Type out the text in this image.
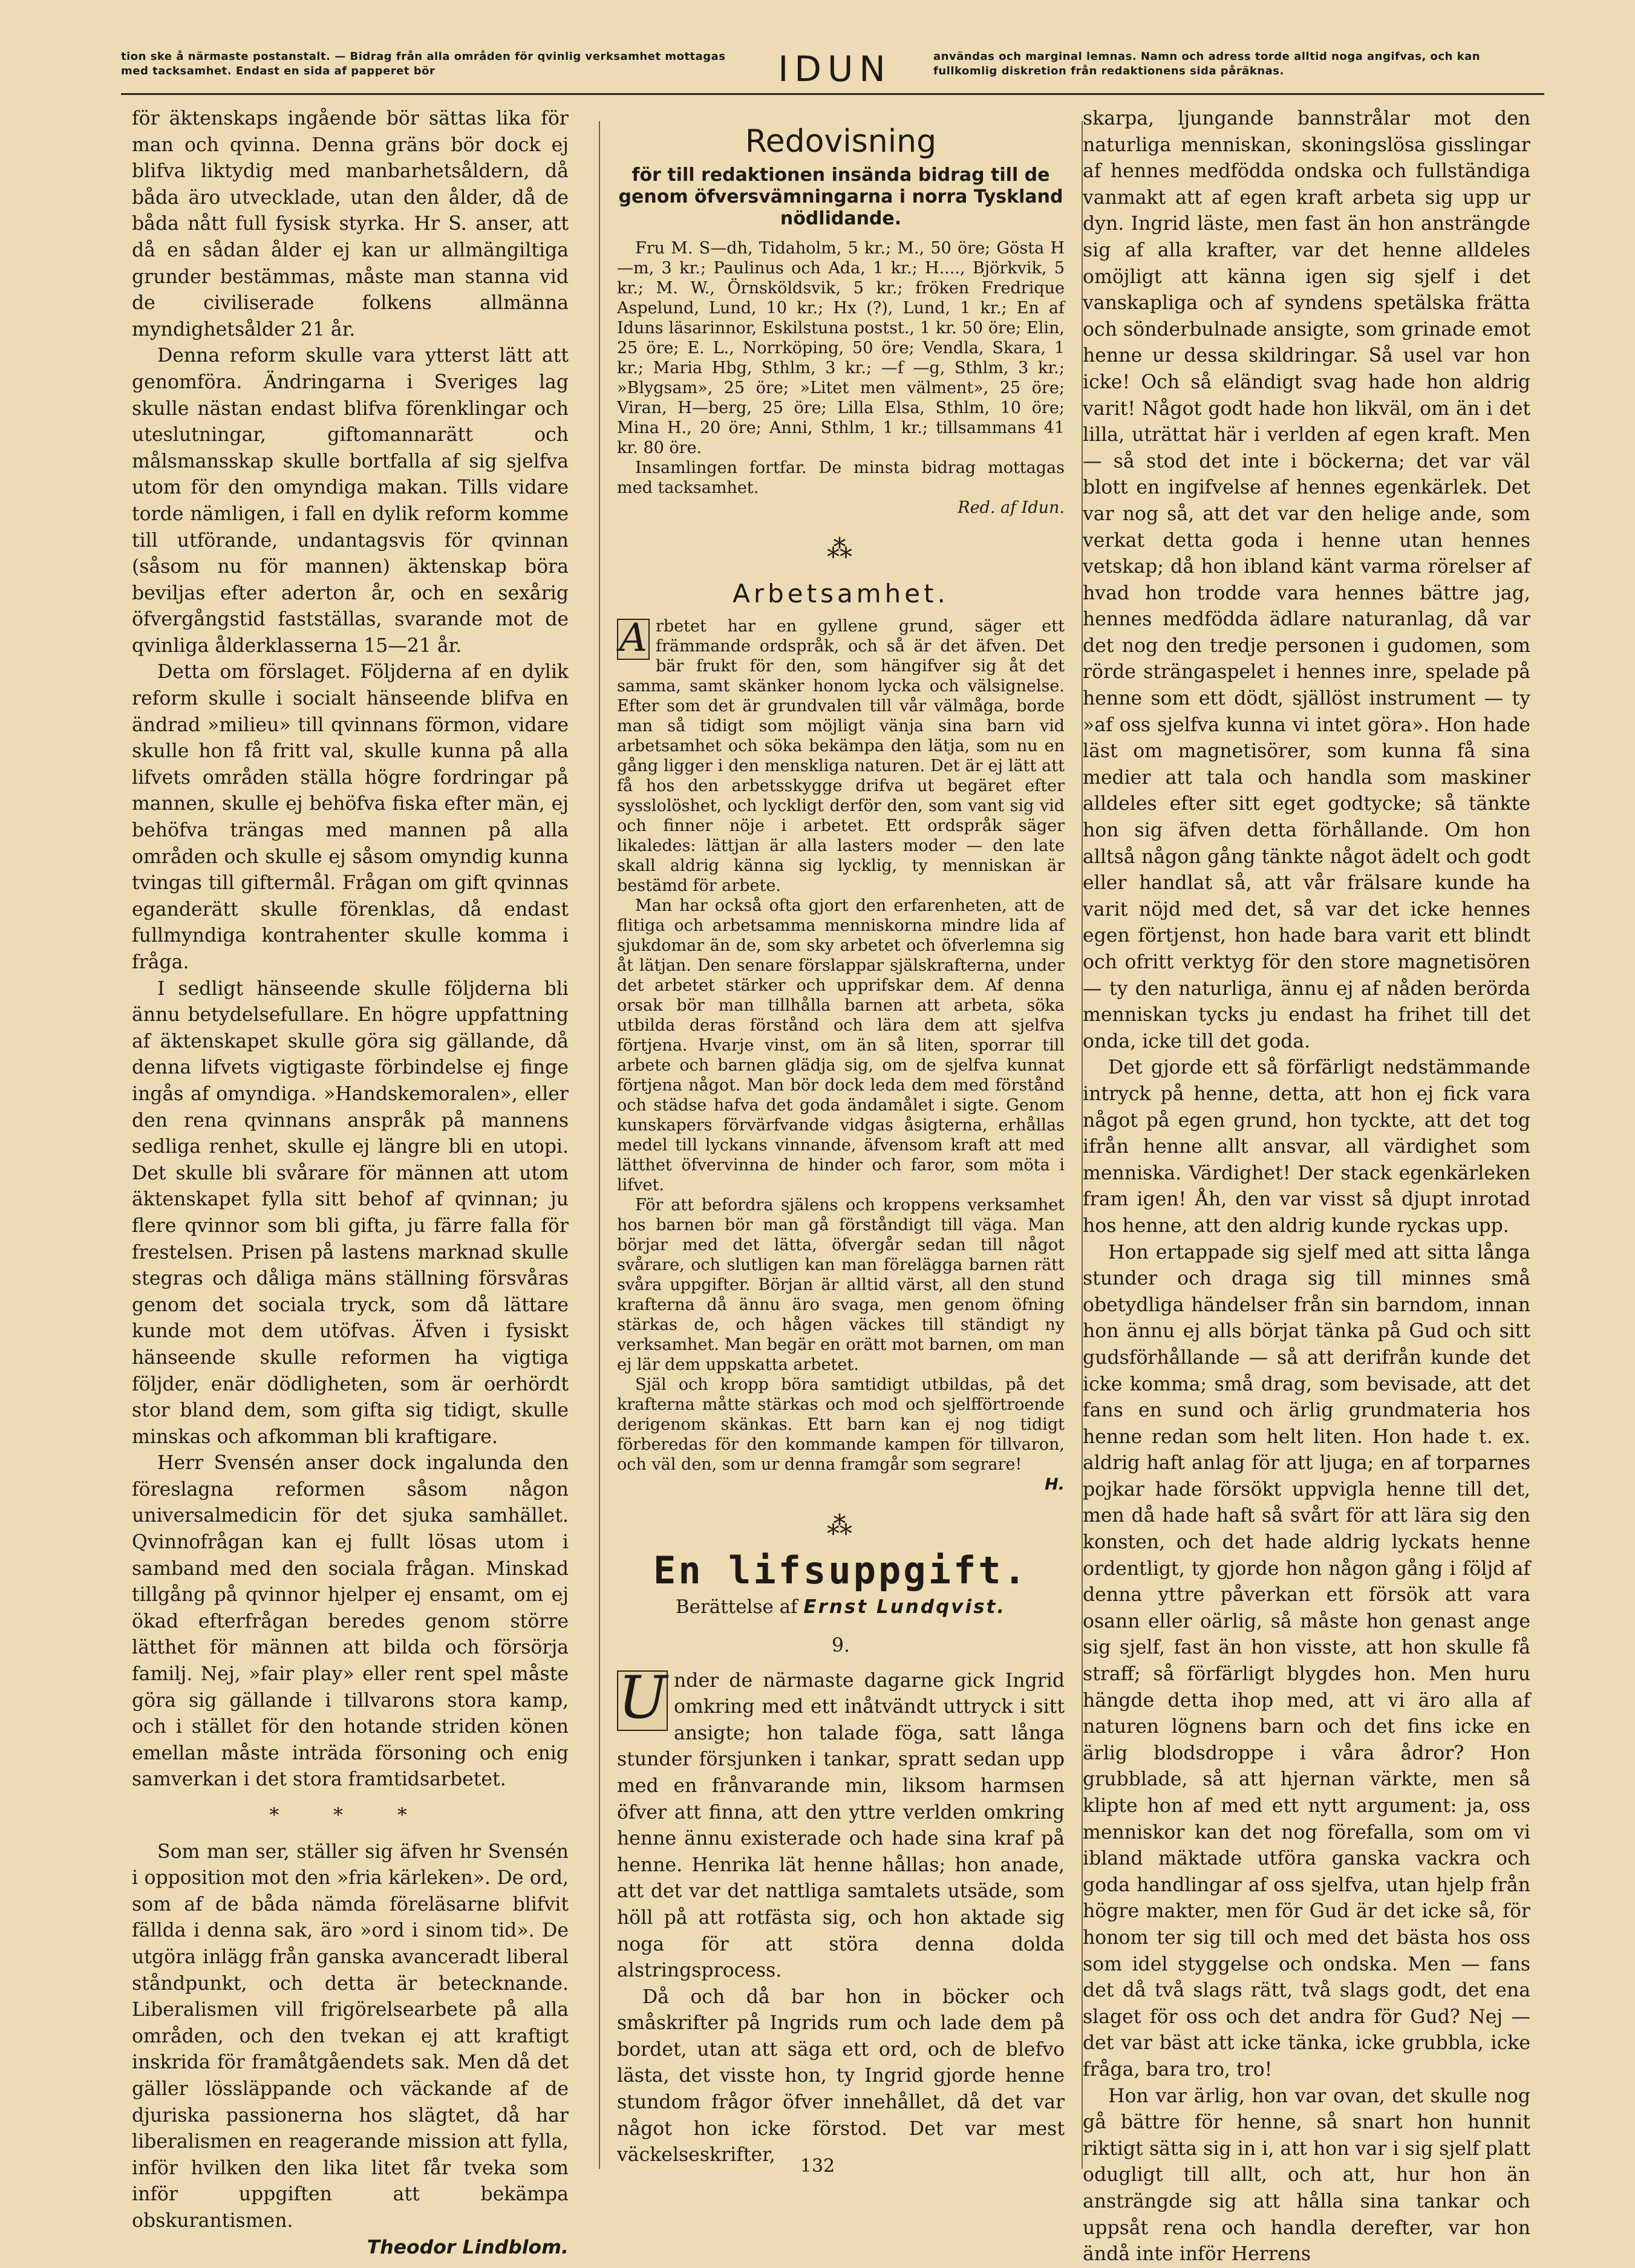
tion ske å närmaste postanstalt. — Bidrag från alla områden för qvinlig verksamhet mottagas med tacksamhet. Endast en sida af papperet bör	IDUN	användas och marginal lemnas. Namn och adress torde alltid noga angifvas, och kan fullkomlig diskretion från redaktionens sida påräknas.

för äktenskaps ingående bör sättas lika för man och qvinna. Denna gräns bör dock ej blifva liktydig med manbarhetsåldern, då båda äro utvecklade, utan den ålder, då de båda nått full fysisk styrka. Hr S. anser, att då en sådan ålder ej kan ur allmängiltiga grunder bestämmas, måste man stanna vid de civiliserade folkens allmänna myndighetsålder 21 år.

Denna reform skulle vara ytterst lätt att genomföra. Ändringarna i Sveriges lag skulle nästan endast blifva förenklingar och uteslutningar, giftomannarätt och målsmansskap skulle bortfalla af sig sjelfva utom för den omyndiga makan. Tills vidare torde nämligen, i fall en dylik reform komme till utförande, undantagsvis för qvinnan (såsom nu för mannen) äktenskap böra beviljas efter aderton år, och en sexårig öfvergångstid fastställas, svarande mot de qvinliga ålderklasserna 15—21 år.

Detta om förslaget. Följderna af en dylik reform skulle i socialt hänseende blifva en ändrad »milieu» till qvinnans förmon, vidare skulle hon få fritt val, skulle kunna på alla lifvets områden ställa högre fordringar på mannen, skulle ej behöfva fiska efter män, ej behöfva trängas med mannen på alla områden och skulle ej såsom omyndig kunna tvingas till giftermål. Frågan om gift qvinnas eganderätt skulle förenklas, då endast fullmyndiga kontrahenter skulle komma i fråga.

I sedligt hänseende skulle följderna bli ännu betydelsefullare. En högre uppfattning af äktenskapet skulle göra sig gällande, då denna lifvets vigtigaste förbindelse ej finge ingås af omyndiga. »Handskemoralen», eller den rena qvinnans anspråk på mannens sedliga renhet, skulle ej längre bli en utopi. Det skulle bli svårare för männen att utom äktenskapet fylla sitt behof af qvinnan; ju flere qvinnor som bli gifta, ju färre falla för frestelsen. Prisen på lastens marknad skulle stegras och dåliga mäns ställning försvåras genom det sociala tryck, som då lättare kunde mot dem utöfvas. Äfven i fysiskt hänseende skulle reformen ha vigtiga följder, enär dödligheten, som är oerhördt stor bland dem, som gifta sig tidigt, skulle minskas och afkomman bli kraftigare.

Herr Svensén anser dock ingalunda den föreslagna reformen såsom någon universalmedicin för det sjuka samhället. Qvinnofrågan kan ej fullt lösas utom i samband med den sociala frågan. Minskad tillgång på qvinnor hjelper ej ensamt, om ej ökad efterfrågan beredes genom större lätthet för männen att bilda och försörja familj. Nej, »fair play» eller rent spel måste göra sig gällande i tillvarons stora kamp, och i stället för den hotande striden könen emellan måste inträda försoning och enig samverkan i det stora framtidsarbetet.

* * *

Som man ser, ställer sig äfven hr Svensén i opposition mot den »fria kärleken». De ord, som af de båda nämda föreläsarne blifvit fällda i denna sak, äro »ord i sinom tid». De utgöra inlägg från ganska avanceradt liberal ståndpunkt, och detta är betecknande. Liberalismen vill frigörelsearbete på alla områden, och den tvekan ej att kraftigt inskrida för framåtgåendets sak. Men då det gäller lössläppande och väckande af de djuriska passionerna hos slägtet, då har liberalismen en reagerande mission att fylla, inför hvilken den lika litet får tveka som inför uppgiften att bekämpa obskurantismen.

Theodor Lindblom.
Redovisning
för till redaktionen insända bidrag till de genom öfversvämningarna i norra Tyskland nödlidande.

Fru M. S—dh, Tidaholm, 5 kr.; M., 50 öre; Gösta H—m, 3 kr.; Paulinus och Ada, 1 kr.; H...., Björkvik, 5 kr.; M. W., Örnsköldsvik, 5 kr.; fröken Fredrique Aspelund, Lund, 10 kr.; Hx (?), Lund, 1 kr.; En af Iduns läsarinnor, Eskilstuna postst., 1 kr. 50 öre; Elin, 25 öre; E. L., Norrköping, 50 öre; Vendla, Skara, 1 kr.; Maria Hbg, Sthlm, 3 kr.; —f —g, Sthlm, 3 kr.; »Blygsam», 25 öre; »Litet men välment», 25 öre; Viran, H—berg, 25 öre; Lilla Elsa, Sthlm, 10 öre; Mina H., 20 öre; Anni, Sthlm, 1 kr.; tillsammans 41 kr. 80 öre.

Insamlingen fortfar. De minsta bidrag mottagas med tacksamhet.

Red. af Idun.
⁂
Arbetsamhet.

A rbetet har en gyllene grund, säger ett främmande ordspråk, och så är det äfven. Det bär frukt för den, som hängifver sig åt det samma, samt skänker honom lycka och välsignelse. Efter som det är grundvalen till vår välmåga, borde man så tidigt som möjligt vänja sina barn vid arbetsamhet och söka bekämpa den lätja, som nu en gång ligger i den menskliga naturen. Det är ej lätt att få hos den arbetsskygge drifva ut begäret efter sysslolöshet, och lyckligt derför den, som vant sig vid och finner nöje i arbetet. Ett ordspråk säger likaledes: lättjan är alla lasters moder — den late skall aldrig känna sig lycklig, ty menniskan är bestämd för arbete.

Man har också ofta gjort den erfarenheten, att de flitiga och arbetsamma menniskorna mindre lida af sjukdomar än de, som sky arbetet och öfverlemna sig åt lätjan. Den senare förslappar själskrafterna, under det arbetet stärker och upprifskar dem. Af denna orsak bör man tillhålla barnen att arbeta, söka utbilda deras förstånd och lära dem att sjelfva förtjena. Hvarje vinst, om än så liten, sporrar till arbete och barnen glädja sig, om de sjelfva kunnat förtjena något. Man bör dock leda dem med förstånd och städse hafva det goda ändamålet i sigte. Genom kunskapers förvärfvande vidgas åsigterna, erhållas medel till lyckans vinnande, äfvensom kraft att med lätthet öfvervinna de hinder och faror, som möta i lifvet.

För att befordra själens och kroppens verksamhet hos barnen bör man gå förståndigt till väga. Man börjar med det lätta, öfvergår sedan till något svårare, och slutligen kan man förelägga barnen rätt svåra uppgifter. Början är alltid värst, all den stund krafterna då ännu äro svaga, men genom öfning stärkas de, och hågen väckes till ständigt ny verksamhet. Man begär en orätt mot barnen, om man ej lär dem uppskatta arbetet.

Själ och kropp böra samtidigt utbildas, på det krafterna måtte stärkas och mod och sjelfförtroende derigenom skänkas. Ett barn kan ej nog tidigt förberedas för den kommande kampen för tillvaron, och väl den, som ur denna framgår som segrare!

H.
⁂
En lifsuppgift.
Berättelse af Ernst Lundqvist.
9.

U nder de närmaste dagarne gick Ingrid omkring med ett inåtvändt uttryck i sitt ansigte; hon talade föga, satt långa stunder försjunken i tankar, spratt sedan upp med en frånvarande min, liksom harmsen öfver att finna, att den yttre verlden omkring henne ännu existerade och hade sina kraf på henne. Henrika lät henne hållas; hon anade, att det var det nattliga samtalets utsäde, som höll på att rotfästa sig, och hon aktade sig noga för att störa denna dolda alstringsprocess.

Då och då bar hon in böcker och småskrifter på Ingrids rum och lade dem på bordet, utan att säga ett ord, och de blefvo lästa, det visste hon, ty Ingrid gjorde henne stundom frågor öfver innehållet, då det var något hon icke förstod. Det var mest väckelseskrifter,

skarpa, ljungande bannstrålar mot den naturliga menniskan, skoningslösa gisslingar af hennes medfödda ondska och fullständiga vanmakt att af egen kraft arbeta sig upp ur dyn. Ingrid läste, men fast än hon ansträngde sig af alla krafter, var det henne alldeles omöjligt att känna igen sig sjelf i det vanskapliga och af syndens spetälska frätta och sönderbulnade ansigte, som grinade emot henne ur dessa skildringar. Så usel var hon icke! Och så eländigt svag hade hon aldrig varit! Något godt hade hon likväl, om än i det lilla, uträttat här i verlden af egen kraft. Men — så stod det inte i böckerna; det var väl blott en ingifvelse af hennes egenkärlek. Det var nog så, att det var den helige ande, som verkat detta goda i henne utan hennes vetskap; då hon ibland känt varma rörelser af hvad hon trodde vara hennes bättre jag, hennes medfödda ädlare naturanlag, då var det nog den tredje personen i gudomen, som rörde strängaspelet i hennes inre, spelade på henne som ett dödt, själlöst instrument — ty »af oss sjelfva kunna vi intet göra». Hon hade läst om magnetisörer, som kunna få sina medier att tala och handla som maskiner alldeles efter sitt eget godtycke; så tänkte hon sig äfven detta förhållande. Om hon alltså någon gång tänkte något ädelt och godt eller handlat så, att vår frälsare kunde ha varit nöjd med det, så var det icke hennes egen förtjenst, hon hade bara varit ett blindt och ofritt verktyg för den store magnetisören — ty den naturliga, ännu ej af nåden berörda menniskan tycks ju endast ha frihet till det onda, icke till det goda.

Det gjorde ett så förfärligt nedstämmande intryck på henne, detta, att hon ej fick vara något på egen grund, hon tyckte, att det tog ifrån henne allt ansvar, all värdighet som menniska. Värdighet! Der stack egenkärleken fram igen! Åh, den var visst så djupt inrotad hos henne, att den aldrig kunde ryckas upp.

Hon ertappade sig sjelf med att sitta långa stunder och draga sig till minnes små obetydliga händelser från sin barndom, innan hon ännu ej alls börjat tänka på Gud och sitt gudsförhållande — så att derifrån kunde det icke komma; små drag, som bevisade, att det fans en sund och ärlig grundmateria hos henne redan som helt liten. Hon hade t. ex. aldrig haft anlag för att ljuga; en af torparnes pojkar hade försökt uppvigla henne till det, men då hade haft så svårt för att lära sig den konsten, och det hade aldrig lyckats henne ordentligt, ty gjorde hon någon gång i följd af denna yttre påverkan ett försök att vara osann eller oärlig, så måste hon genast ange sig sjelf, fast än hon visste, att hon skulle få straff; så förfärligt blygdes hon. Men huru hängde detta ihop med, att vi äro alla af naturen lögnens barn och det fins icke en ärlig blodsdroppe i våra ådror? Hon grubblade, så att hjernan värkte, men så klipte hon af med ett nytt argument: ja, oss menniskor kan det nog förefalla, som om vi ibland mäktade utföra ganska vackra och goda handlingar af oss sjelfva, utan hjelp från högre makter, men för Gud är det icke så, för honom ter sig till och med det bästa hos oss som idel styggelse och ondska. Men — fans det då två slags rätt, två slags godt, det ena slaget för oss och det andra för Gud? Nej — det var bäst att icke tänka, icke grubbla, icke fråga, bara tro, tro!

Hon var ärlig, hon var ovan, det skulle nog gå bättre för henne, så snart hon hunnit riktigt sätta sig in i, att hon var i sig sjelf platt odugligt till allt, och att, hur hon än ansträngde sig att hålla sina tankar och uppsåt rena och handla derefter, var hon ändå inte inför Herrens

132
